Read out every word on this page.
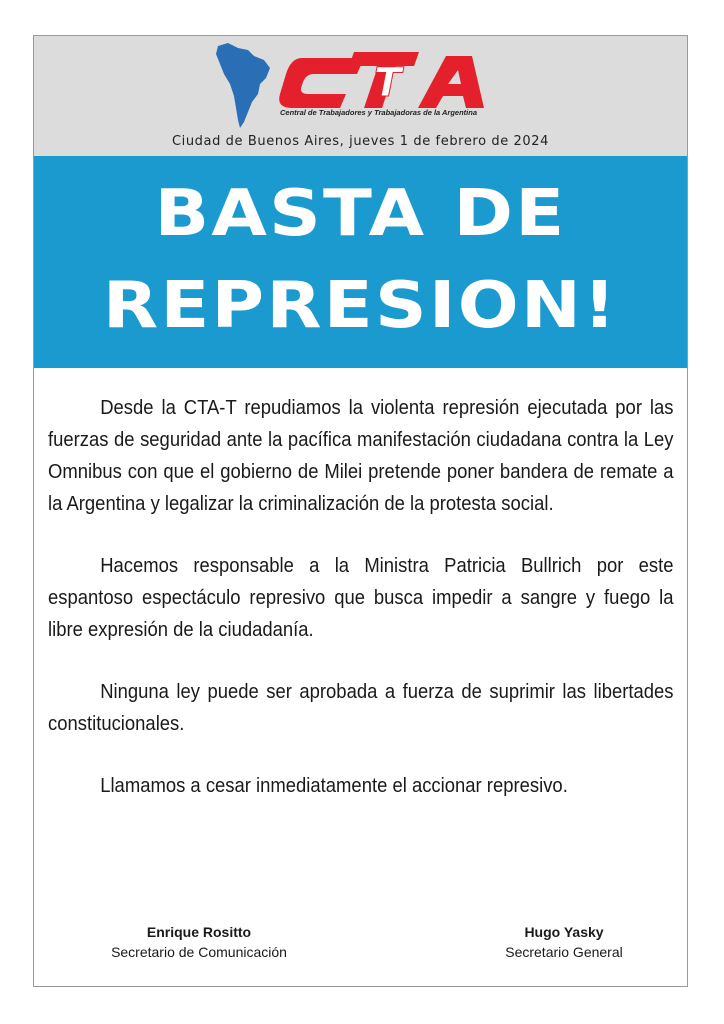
T
Central de Trabajadores y Trabajadoras de la Argentina
Ciudad de Buenos Aires, jueves 1 de febrero de 2024
BASTA DE
REPRESION!

Desde la CTA-T repudiamos la violenta represión ejecutada por las fuerzas de seguridad ante la pacífica manifestación ciudadana contra la Ley Omnibus con que el gobierno de Milei pretende poner bandera de remate a la Argentina y legalizar la criminalización de la protesta social.

Hacemos responsable a la Ministra Patricia Bullrich por este espantoso espectáculo represivo que busca impedir a sangre y fuego la libre expresión de la ciudadanía.

Ninguna ley puede ser aprobada a fuerza de suprimir las libertades constitucionales.

Llamamos a cesar inmediatamente el accionar represivo.

Enrique Rositto
Secretario de Comunicación
Hugo Yasky
Secretario General
